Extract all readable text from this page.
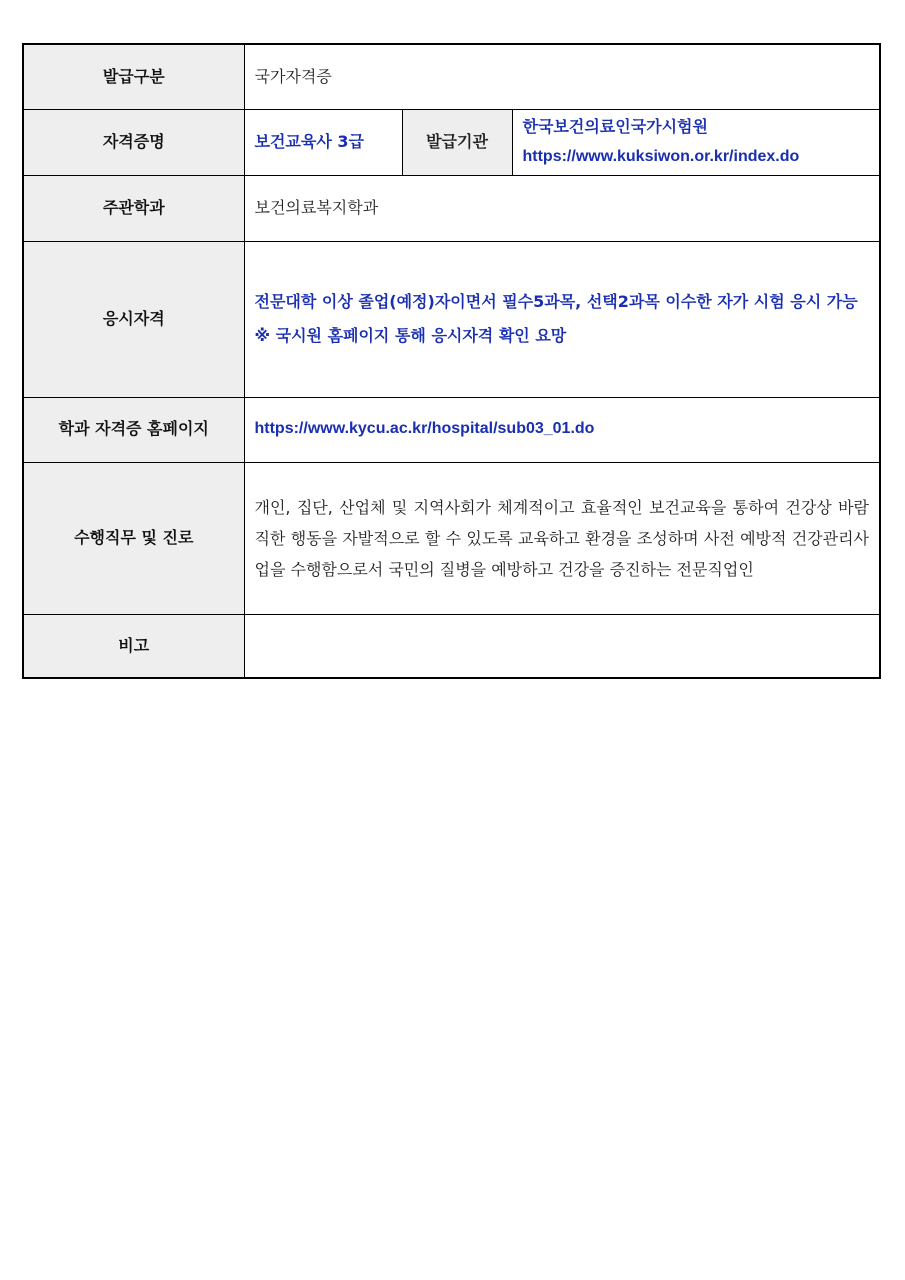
발급구분	국가자격증		
자격증명	보건교육사 3급	발급기관	한국보건의료인국가시험원
https://www.kuksiwon.or.kr/index.do

주관학과	보건의료복지학과		
응시자격	전문대학 이상 졸업(예정)자이면서 필수5과목, 선택2과목 이수한 자가 시험 응시 가능
※ 국시원 홈페이지 통해 응시자격 확인 요망		

학과 자격증 홈페이지	https://www.kycu.ac.kr/hospital/sub03_01.do		
수행직무 및 진로	개인, 집단, 산업체 및 지역사회가 체계적이고 효율적인 보건교육을 통하여 건강상 바람직한 행동을 자발적으로 할 수 있도록 교육하고 환경을 조성하며 사전 예방적 건강관리사업을 수행함으로서 국민의 질병을 예방하고 건강을 증진하는 전문직업인		

비고			
